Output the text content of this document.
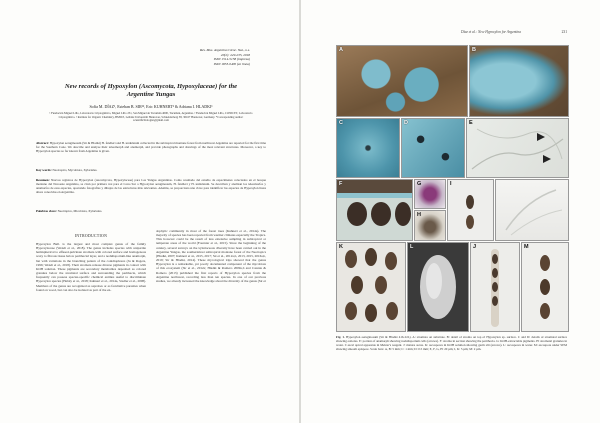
Rev. Mus. Argentino Cienc. Nat., n.s.
20(2): 229-235, 2018
ISSN 1514-5158 (impresa)
ISSN 1853-0400 (en línea)
New records of Hypoxylon (Ascomycota, Hypoxylaceae) for the
Argentine Yungas
Sofía M. DÍAZ¹, Esteban B. SIR¹², Eric KUHNERT³ & Adriana I. HLADKI¹
¹ Fundación Miguel Lillo, Laboratorio Criptogámico, Miguel Lillo 251, San Miguel de Tucumán 4000, Tucumán, Argentina. ² Fundación Miguel Lillo, CONICET, Laboratorio Criptogámico. ³ Institute for Organic Chemistry, BMWZ, Leibniz Universität Hannover, Schneiderberg 38, 30167 Hannover, Germany. *Corresponding author: scientificbiologist@gmail.com
Abstract: Hypoxylon aeruginosum (Sir & Hladki) H. fendleri and H. undulatum collected in the subtropical montane forest from northwest Argentina are reported for the first time for the Southern Cone. We describe and analyse their teleomorph and anamorph, and provide photographs and drawings of the most relevant structures. Moreover, a key to Hypoxylon species so far known from Argentina is given.
Key words: Neotropics, Mycobiota, Xylariales.
Resumen: Nuevos registros de Hypoxylon (Ascomycota, Hypoxylaceae) para Las Yungas Argentinas. Como resultado del estudio de especímenes colectados en el bosque montano del Noroeste Argentino, se citan por primera vez para el Cono Sur a Hypoxylon aeruginosum, H. fendleri y H. undulatum. Se describen y analizan los teleomorfos y anamorfos de esas especies, aportando fotografías y dibujos de las estructuras más relevantes. Además, se proporciona una clave para identificar las especies de Hypoxylon hasta ahora conocidas en Argentina.
Palabras clave: Neotrópico, Micobiota, Xylariales.
INTRODUCTION
Hypoxylon Bull. is the largest and most complex genus of the family Hypoxylaceae (Wendt et al., 2018). The genus includes species with unipartite hemispherical to effused-pulvinate stromata with colored surface and homogenous waxy to fibrous tissue below perithecial layer, and a nodulisporium-like anamorph, but with variations in the branching pattern of the conidiophores (Ju & Rogers, 1996; Wendt et al., 2018). Their stromata release diverse pigments in contact with KOH solution. These pigments are secondary metabolites deposited as colored granules below the stromatal surface and surrounding the perithecia, which frequently can possess species-specific chemical entities useful to discriminate Hypoxylon species (Helaly et al., 2018; Kuhnert et al., 2014a, Stadler et al., 2008). Members of the genus are recognized as saprobes or as facultative parasites when found on wood, but can also be isolated as part of the en-
dophytic community in most of the forest trees (Kuhnert et al., 2014a). The majority of species has been reported from warmer climates especially the Tropics. This however could be the result of less extensive sampling in subtropical or temperate areas of the world (Fournier et al., 2015). Since the beginning of the century, several surveys on the xylariaceous diversity have been carried out in the Argentine Yungas, the southernmost subtropical montane forest of the Neotropics (Hladki, 2007; Kuhnert et al., 2015, 2017; Sir et al., 2012a,b, 2013, 2015, 2016a,b, 2019; Sir & Hladki, 2014). These mycological trips showed that the genus Hypoxylon is a remarkable, yet poorly documented component of the mycobiota of this ecosystem (Sir et al., 2012a; Hladki & Romero 2009a,b and Catania & Romero (2013) published the first reports of Hypoxylon species from the Argentine northwest, recording less than ten species. In one of our previous studies, we already increased the knowledge about the diversity of the genus (Sir et
Díaz et al.: New Hypoxylon for Argentina	231
A	B
C	D	E
F	G
H
I
K	L	J	M
Fig. 1. Hypoxylon aeruginosum (Sir & Hladki 416-LIL). A: stromata on substrate. B: detail of stroma on top of Hypoxylon sp. surface. C and D: details of stromatal surface showing ostioles. E: portion of anamorph showing nodulisporium cells (arrows). F: stroma in section showing the perithecia. G: KOH-extractable pigments. H: stromatal granules in water. I: ascal apical apparatus in Melzer's reagent. J: mature ascus. K: ascospores in KOH solution showing germ slit (arrows). L: ascospores in water. M: ascospore under SEM showing smooth episporе. Scale bars: A, B: 5 mm; C: 1 mm; D: 0.5 mm; E, F, G, H: 20 µm; I, K: 5 µm; M: 2 µm.
